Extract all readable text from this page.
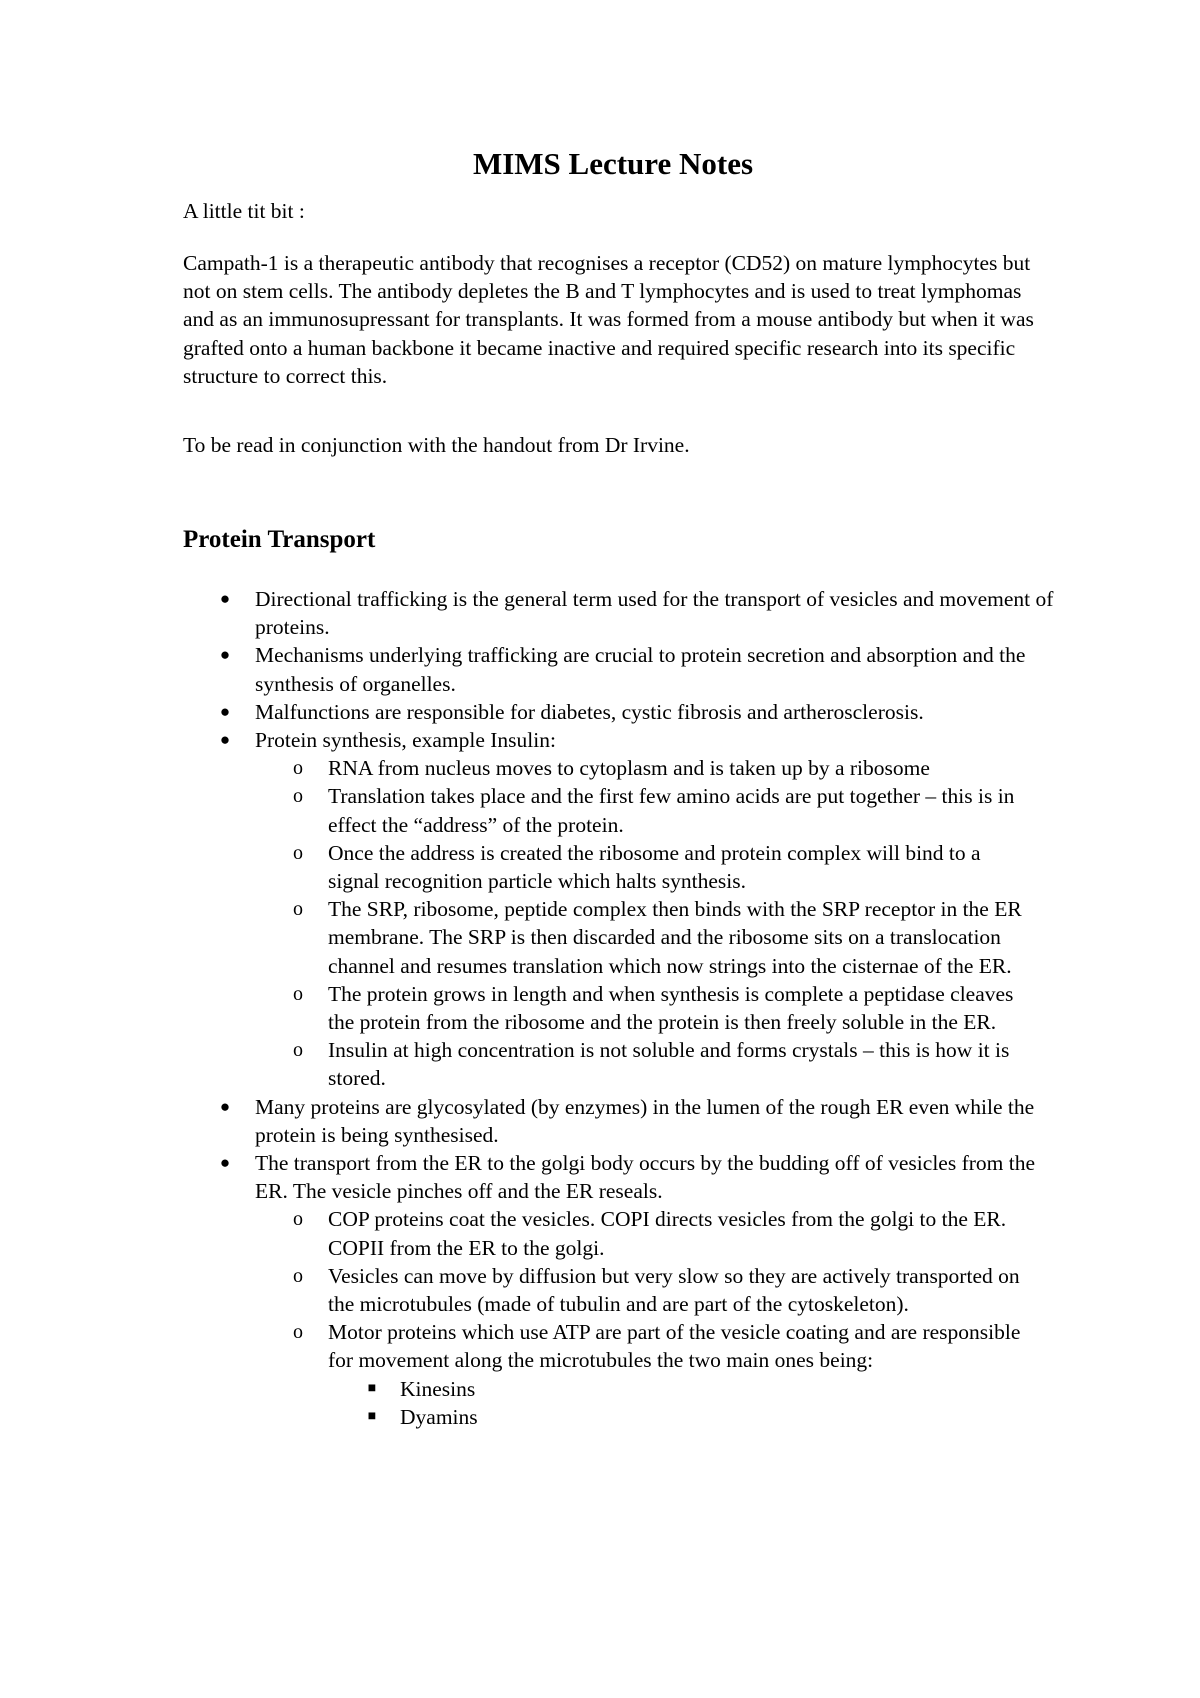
MIMS Lecture Notes

A little tit bit :

Campath-1 is a therapeutic antibody that recognises a receptor (CD52) on mature lymphocytes but not on stem cells. The antibody depletes the B and T lymphocytes and is used to treat lymphomas and as an immunosupressant for transplants. It was formed from a mouse antibody but when it was grafted onto a human backbone it became inactive and required specific research into its specific structure to correct this.

To be read in conjunction with the handout from Dr Irvine.

Protein Transport
● Directional trafficking is the general term used for the transport of vesicles and movement of proteins.
● Mechanisms underlying trafficking are crucial to protein secretion and absorption and the synthesis of organelles.
● Malfunctions are responsible for diabetes, cystic fibrosis and artherosclerosis.
● Protein synthesis, example Insulin:
o RNA from nucleus moves to cytoplasm and is taken up by a ribosome
o Translation takes place and the first few amino acids are put together – this is in effect the “address” of the protein.
o Once the address is created the ribosome and protein complex will bind to a signal recognition particle which halts synthesis.
o The SRP, ribosome, peptide complex then binds with the SRP receptor in the ER membrane. The SRP is then discarded and the ribosome sits on a translocation channel and resumes translation which now strings into the cisternae of the ER.
o The protein grows in length and when synthesis is complete a peptidase cleaves the protein from the ribosome and the protein is then freely soluble in the ER.
o Insulin at high concentration is not soluble and forms crystals – this is how it is stored.
● Many proteins are glycosylated (by enzymes) in the lumen of the rough ER even while the protein is being synthesised.
● The transport from the ER to the golgi body occurs by the budding off of vesicles from the ER. The vesicle pinches off and the ER reseals.
o COP proteins coat the vesicles. COPI directs vesicles from the golgi to the ER. COPII from the ER to the golgi.
o Vesicles can move by diffusion but very slow so they are actively transported on the microtubules (made of tubulin and are part of the cytoskeleton).
o Motor proteins which use ATP are part of the vesicle coating and are responsible for movement along the microtubules the two main ones being:
■ Kinesins
■ Dyamins
